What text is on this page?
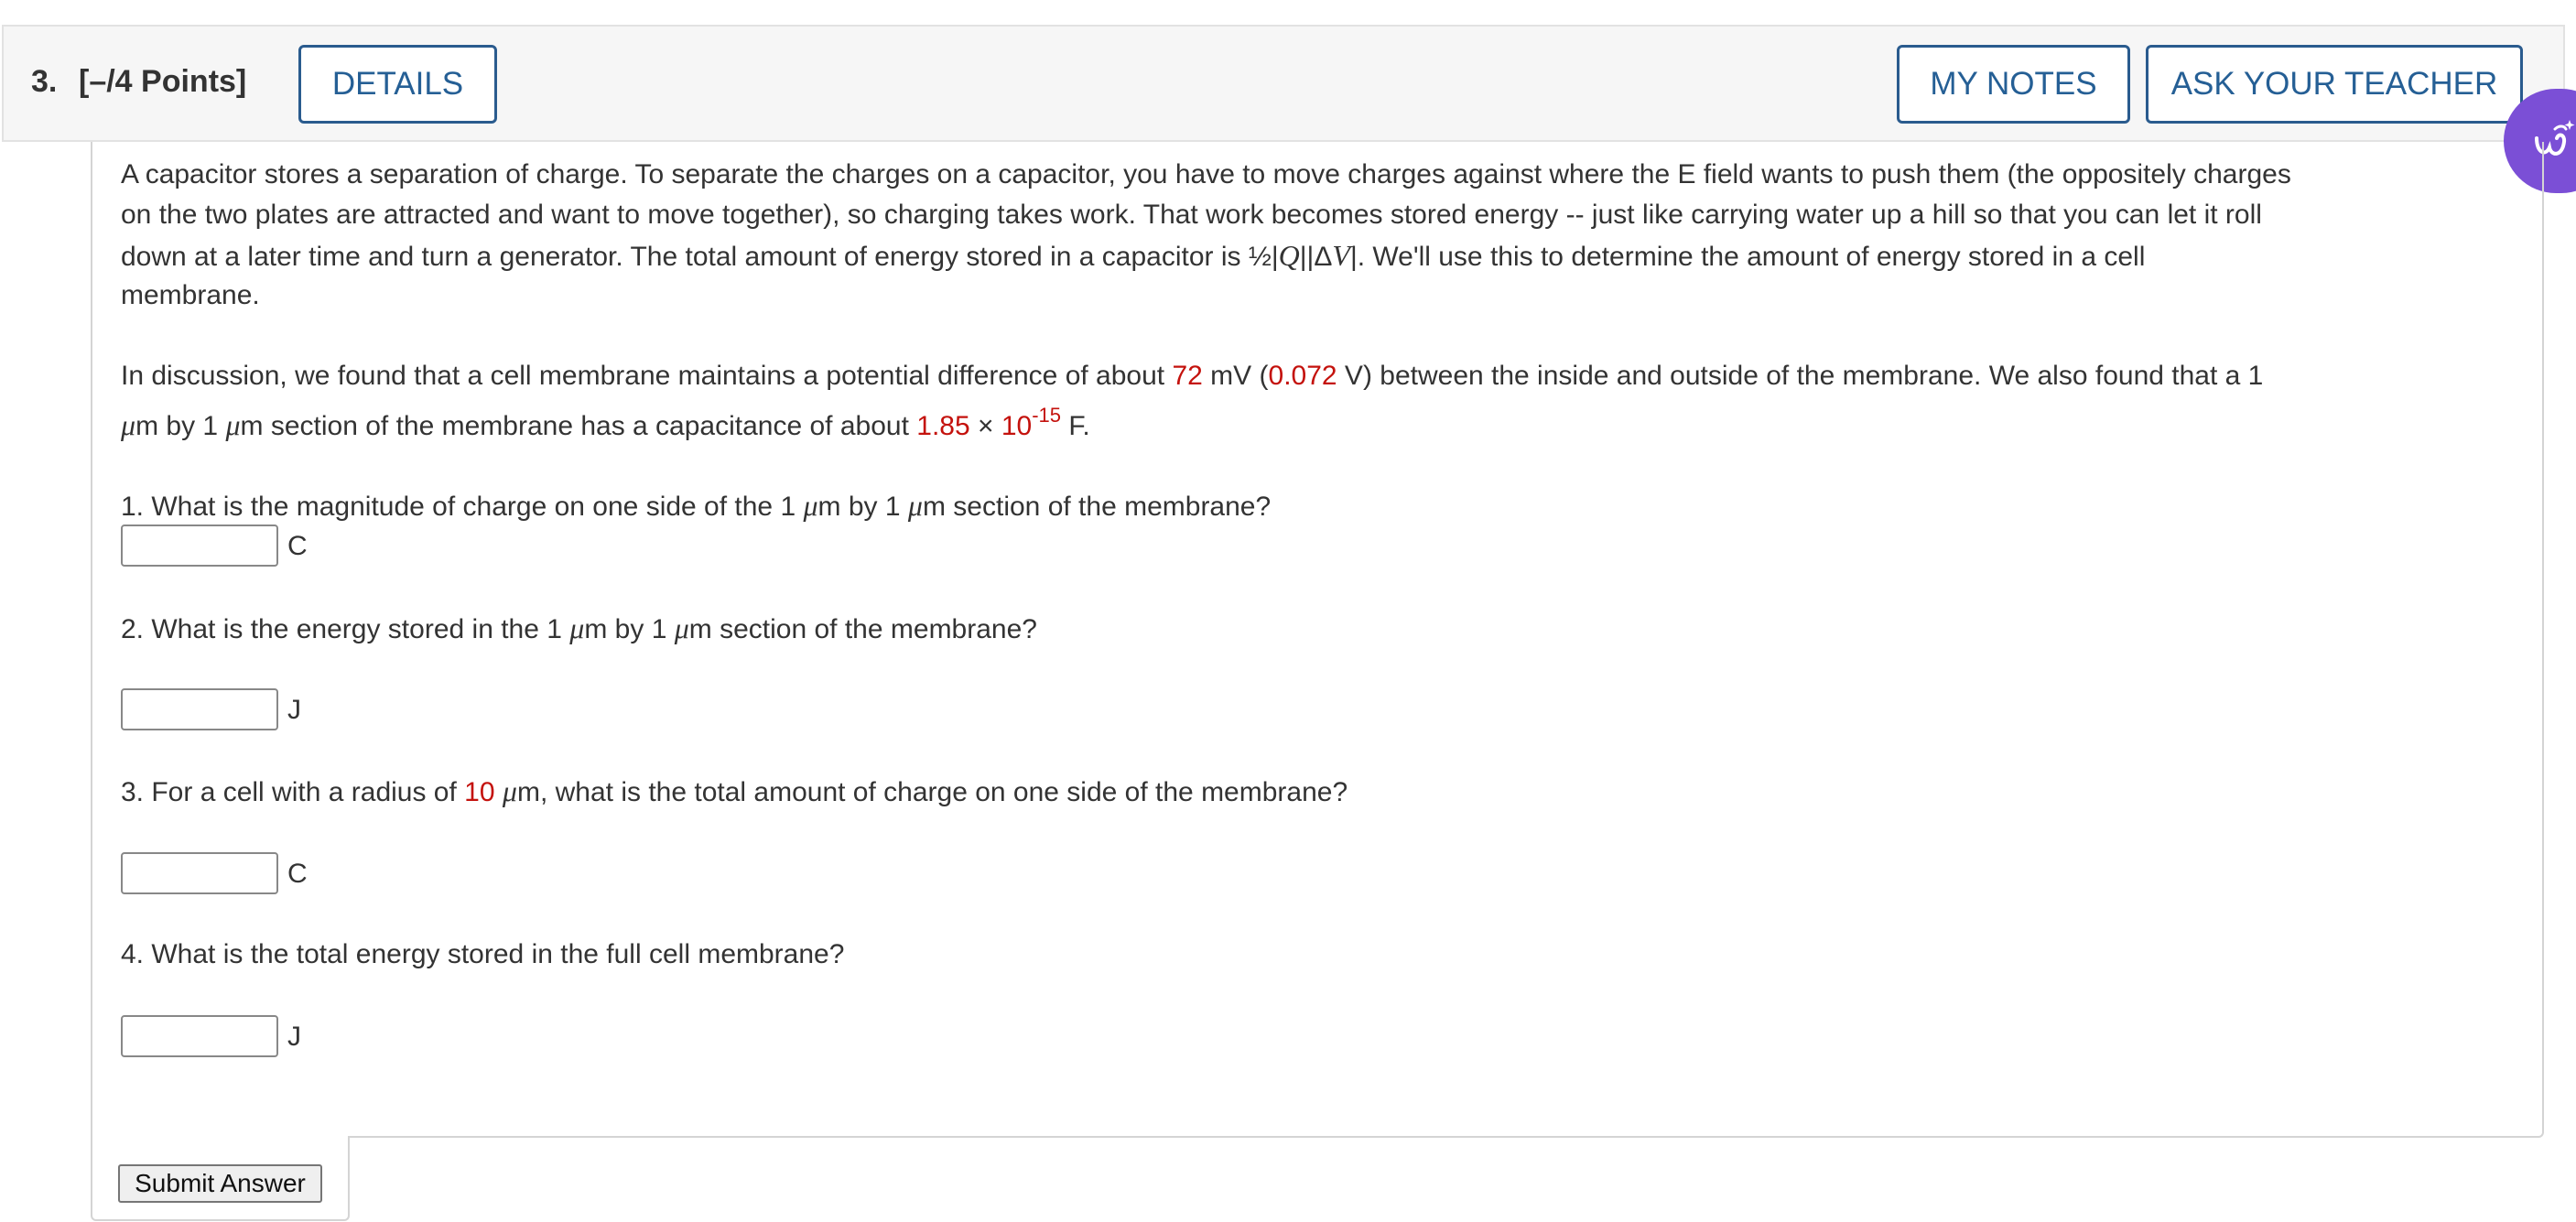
3. [–/4 Points]	DETAILS	MY NOTES	ASK YOUR TEACHER
A capacitor stores a separation of charge. To separate the charges on a capacitor, you have to move charges against where the E field wants to push them (the oppositely charges
on the two plates are attracted and want to move together), so charging takes work. That work becomes stored energy -- just like carrying water up a hill so that you can let it roll
down at a later time and turn a generator. The total amount of energy stored in a capacitor is ½|Q||ΔV|. We'll use this to determine the amount of energy stored in a cell
membrane.
In discussion, we found that a cell membrane maintains a potential difference of about 72 mV (0.072 V) between the inside and outside of the membrane. We also found that a 1
μm by 1 μm section of the membrane has a capacitance of about $1.85 \times 10^{-15}$ F.
1. What is the magnitude of charge on one side of the 1 μm by 1 μm section of the membrane?
C
2. What is the energy stored in the 1 μm by 1 μm section of the membrane?
J
3. For a cell with a radius of 10 μm, what is the total amount of charge on one side of the membrane?
C
4. What is the total energy stored in the full cell membrane?
J
Submit Answer
